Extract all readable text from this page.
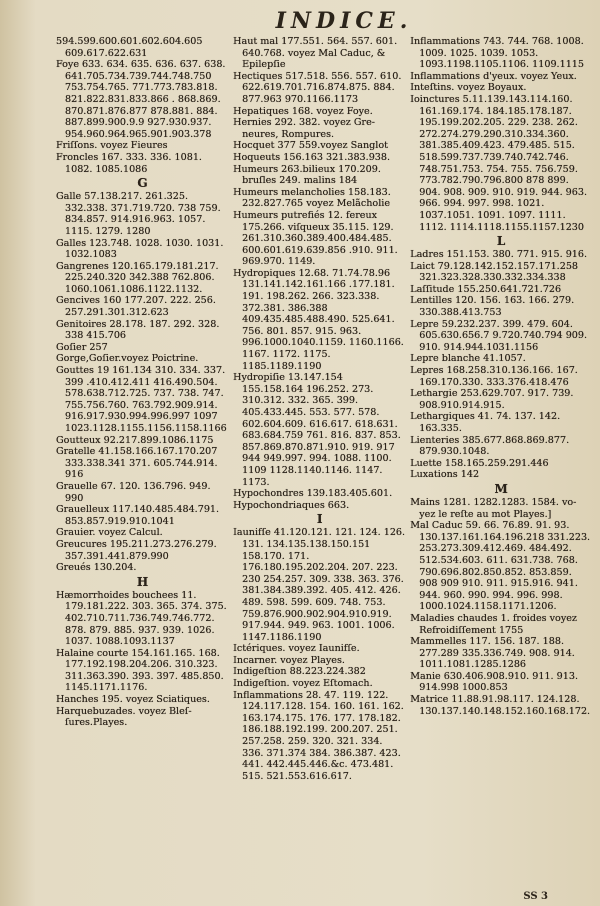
INDICE.
594.599.600.601.602.604.605 609.617.622.631
Foye 633. 634. 635. 636. 637. 638. 641.705.734.739.744.748.750 753.754.765. 771.773.783.818. 821.822.831.833.866 . 868.869. 870.871.876.877 878.881. 884. 887.899.900.9.9 927.930.937. 954.960.964.965.901.903.378
Friſſons. voyez Fieures
Froncles 167. 333. 336. 1081. 1082. 1085.1086
G
Galle 57.138.217. 261.325. 332.338. 371.719.720. 738 759. 834.857. 914.916.963. 1057. 1115. 1279. 1280
Galles 123.748. 1028. 1030. 1031. 1032.1083
Gangrenes 120.165.179.181.217. 225.240.320 342.388 762.806. 1060.1061.1086.1122.1132.
Gencives 160 177.207. 222. 256. 257.291.301.312.623
Genitoires 28.178. 187. 292. 328. 338 415.706
Goſier 257
Gorge,Goſier.voyez Poictrine.
Gouttes 19 161.134 310. 334. 337. 399 .410.412.411 416.490.504. 578.638.712.725. 737. 738. 747. 755.756.760. 763.792.909.914. 916.917.930.994.996.997 1097 1023.1128.1155.1156.1158.1166
Goutteux 92.217.899.1086.1175
Gratelle 41.158.166.167.170.207 333.338.341 371. 605.744.914. 916
Grauelle 67. 120. 136.796. 949. 990
Grauelleux 117.140.485.484.791. 853.857.919.910.1041
Grauier. voyez Calcul.
Greucures 195.211.273.276.279. 357.391.441.879.990
Greués 130.204.
H
Hæmorrhoides bouchees 11. 179.181.222. 303. 365. 374. 375. 402.710.711.736.749.746.772. 878. 879. 885. 937. 939. 1026. 1037. 1088.1093.1137
Halaine courte 154.161.165. 168. 177.192.198.204.206. 310.323. 311.363.390. 393. 397. 485.850. 1145.1171.1176.
Hanches 195. voyez Sciatiques.
Harquebuzades. voyez Bleſ- ſures.Playes.
Haut mal 177.551. 564. 557. 601. 640.768. voyez Mal Caduc, & Epilepſie
Hectiques 517.518. 556. 557. 610. 622.619.701.716.874.875. 884. 877.963 970.1166.1173
Hepatiques 168. voyez Foye.
Hernies 292. 382. voyez Gre- neures, Rompures.
Hocquet 377 559.voyez Sanglot
Hoqueuts 156.163 321.383.938.
Humeurs 263.bilieux 170.209. bruſles 249. malins 184
Humeurs melancholies 158.183. 232.827.765 voyez Melãcholie
Humeurs putrefiés 12. fereux 175.266. viſqueux 35.115. 129. 261.310.360.389.400.484.485. 600.601.619.639.856 .910. 911. 969.970. 1149.
Hydropiques 12.68. 71.74.78.96 131.141.142.161.166 .177.181. 191. 198.262. 266. 323.338. 372.381. 386.388 409.435.485.488.490. 525.641. 756. 801. 857. 915. 963. 996.1000.1040.1159. 1160.1166. 1167. 1172. 1175. 1185.1189.1190
Hydropiſie 13.147.154 155.158.164 196.252. 273. 310.312. 332. 365. 399. 405.433.445. 553. 577. 578. 602.604.609. 616.617. 618.631. 683.684.759 761. 816. 837. 853. 857.869.870.871.910. 919. 917 944 949.997. 994. 1088. 1100. 1109 1128.1140.1146. 1147. 1173.
Hypochondres 139.183.405.601.
Hypochondriaques 663.
I
Iaunifſe 41.120.121. 121. 124. 126. 131. 134.135.138.150.151 158.170. 171. 176.180.195.202.204. 207. 223. 230 254.257. 309. 338. 363. 376. 381.384.389.392. 405. 412. 426. 489. 598. 599. 609. 748. 753. 759.876.900.902.904.910.919. 917.944. 949. 963. 1001. 1006. 1147.1186.1190
Ictériques. voyez Iaunifſe.
Incarner. voyez Playes.
Indigeſtion 88.223.224.382
Indigeſtion. voyez Eſtomach.
Inflammations 28. 47. 119. 122. 124.117.128. 154. 160. 161. 162. 163.174.175. 176. 177. 178.182. 186.188.192.199. 200.207. 251. 257.258. 259. 320. 321. 334. 336. 371.374 384. 386.387. 423. 441. 442.445.446.&c. 473.481. 515. 521.553.616.617.
Inflammations 743. 744. 768. 1008. 1009. 1025. 1039. 1053. 1093.1198.1105.1106. 1109.1115
Inflammations d'yeux. voyez Yeux.
Inteſtins. voyez Boyaux.
Ioinctures 5.11.139.143.114.160. 161.169.174. 184.185.178.187. 195.199.202.205. 229. 238. 262. 272.274.279.290.310.334.360. 381.385.409.423. 479.485. 515. 518.599.737.739.740.742.746. 748.751.753. 754. 755. 756.759. 773.782.790.796.800 878 899. 904. 908. 909. 910. 919. 944. 963. 966. 994. 997. 998. 1021. 1037.1051. 1091. 1097. 1111. 1112. 1114.1118.1155.1157.1230
L
Ladres 151.153. 380. 771. 915. 916.
Laict 79.128.142.152.157.171.258 321.323.328.330.332.334.338
Laſſitude 155.250.641.721.726
Lentilles 120. 156. 163. 166. 279. 330.388.413.753
Lepre 59.232.237. 399. 479. 604. 605.630.656.7 9.720.740.794 909. 910. 914.944.1031.1156
Lepre blanche 41.1057.
Lepres 168.258.310.136.166. 167. 169.170.330. 333.376.418.476
Lethargie 253.629.707. 917. 739. 908.910.914.915.
Lethargiques 41. 74. 137. 142. 163.335.
Lienteries 385.677.868.869.877. 879.930.1048.
Luette 158.165.259.291.446
Luxations 142
M
Mains 1281. 1282.1283. 1584. vo- yez le reſte au mot Playes.]
Mal Caduc 59. 66. 76.89. 91. 93. 130.137.161.164.196.218 331.223. 253.273.309.412.469. 484.492. 512.534.603. 611. 631.738. 768. 790.696.802.850.852. 853.859. 908 909 910. 911. 915.916. 941. 944. 960. 990. 994. 996. 998. 1000.1024.1158.1171.1206.
Maladies chaudes 1. froides voyez Refroidiſſement 1755
Mammelles 117. 156. 187. 188. 277.289 335.336.749. 908. 914. 1011.1081.1285.1286
Manie 630.406.908.910. 911. 913. 914.998 1000.853
Matrice 11.88.91.98.117. 124.128. 130.137.140.148.152.160.168.172.
SS 3
